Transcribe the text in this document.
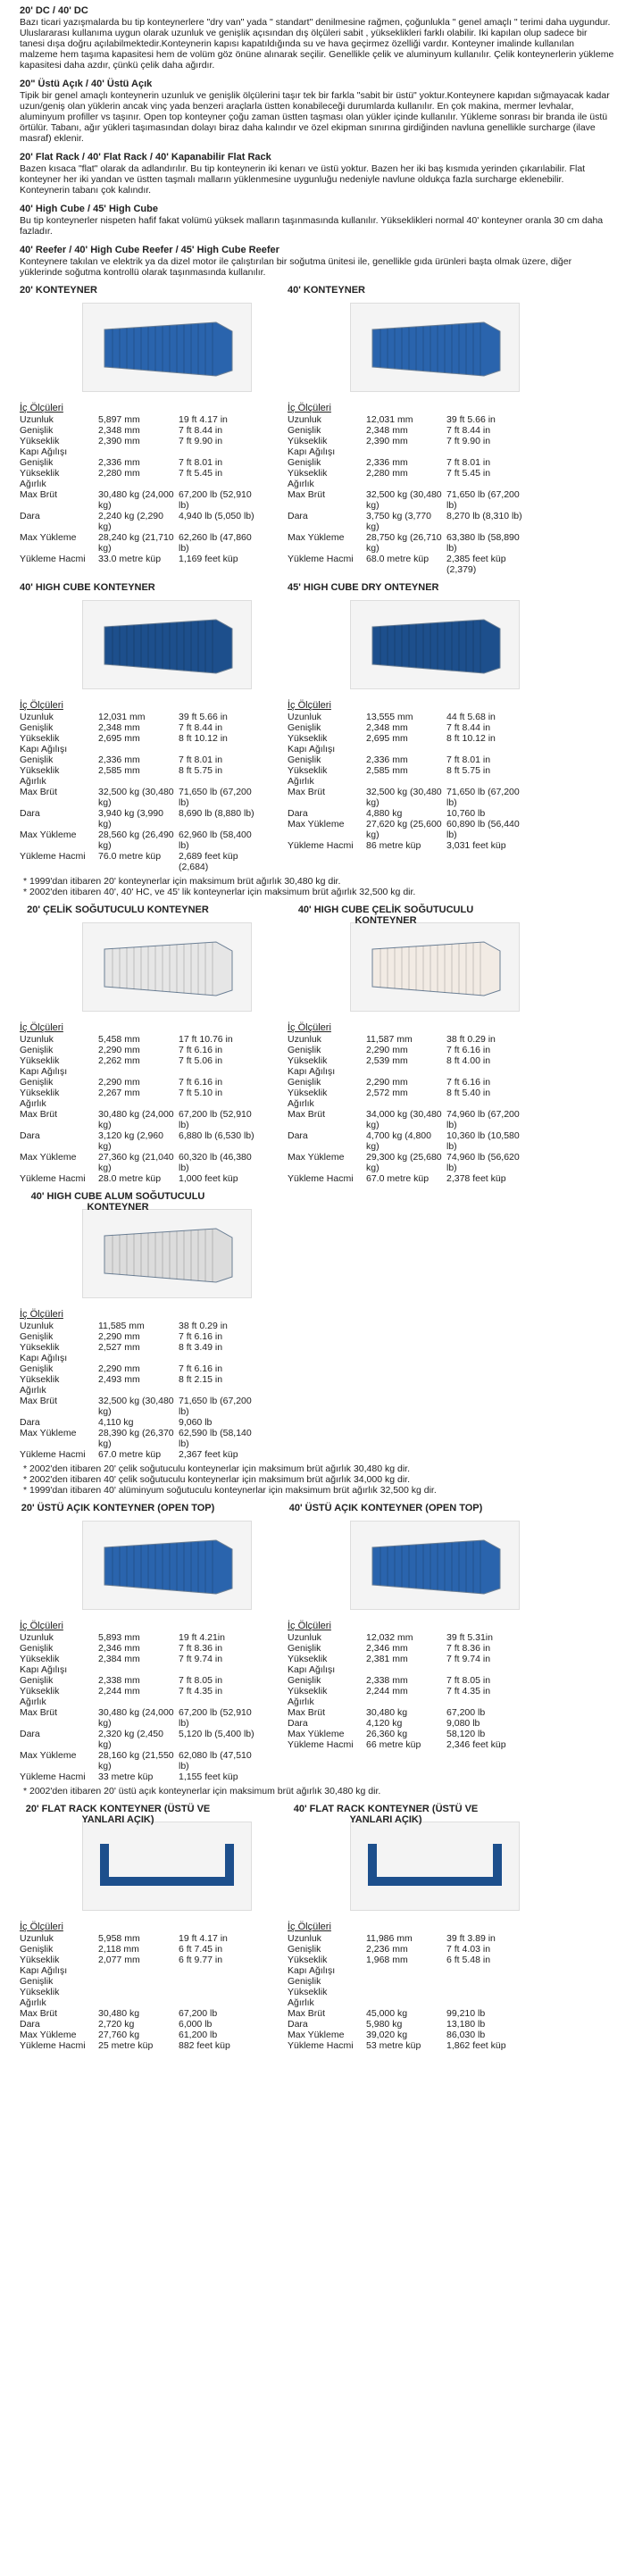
20' DC / 40' DC
Bazı ticari yazışmalarda bu tip konteynerlere "dry van" yada " standart" denilmesine rağmen, çoğunlukla " genel amaçlı " terimi daha uygundur. Uluslararası kullanıma uygun olarak uzunluk ve genişlik açısından dış ölçüleri sabit , yükseklikleri farklı olabilir. Iki kapılan olup sadece bir tanesi dışa doğru açılabilmektedir.Konteynerin kapısı kapatıldığında su ve hava geçirmez özelliği vardır. Konteyner imalinde kullanılan malzeme hem taşıma kapasitesi hem de volüm göz önüne alınarak seçilir. Genellikle çelik ve aluminyum kullanılır. Çelik konteynerlerin yükleme kapasitesi daha azdır, çünkü çelik daha ağırdır.
20" Üstü Açık / 40' Üstü Açık
Tipik bir genel amaçlı konteynerin uzunluk ve genişlik ölçülerini taşır tek bir farkla "sabit bir üstü" yoktur.Konteynere kapıdan sığmayacak kadar uzun/geniş olan yüklerin ancak vinç yada benzeri araçlarla üstten konabileceği durumlarda kullanılır. En çok makina, mermer levhalar, aluminyum profiller vs taşınır. Open top konteyner çoğu zaman üstten taşması olan yükler içinde kullanılır. Yükleme sonrası bir branda ile üstü örtülür. Tabanı, ağır yükleri taşımasından dolayı biraz daha kalındır ve özel ekipman sınırına girdiğinden navluna genellikle surcharge (ilave masraf) eklenir.
20' Flat Rack / 40' Flat Rack / 40' Kapanabilir Flat Rack
Bazen kısaca "flat" olarak da adlandırılır. Bu tip konteynerin iki kenarı ve üstü yoktur. Bazen her iki baş kısmıda yerinden çıkarılabilir. Flat konteyner her iki yandan ve üstten taşmalı malların yüklenmesine uygunluğu nedeniyle navlune oldukça fazla surcharge eklenebilir. Konteynerin tabanı çok kalındır.
40' High Cube / 45' High Cube
Bu tip konteynerler nispeten hafif fakat volümü yüksek malların taşınmasında kullanılır. Yükseklikleri normal 40' konteyner oranla 30 cm daha fazladır.
40' Reefer / 40' High Cube Reefer / 45' High Cube Reefer
Konteynere takılan ve elektrik ya da dizel motor ile çalıştırılan bir soğutma ünitesi ile, genellikle gıda ürünleri başta olmak üzere, diğer yüklerinde soğutma kontrollü olarak taşınmasında kullanılır.
20' KONTEYNER
İç Ölçüleri
Uzunluk	5,897 mm	19 ft 4.17 in
Genişlik	2,348 mm	7 ft 8.44 in
Yükseklik	2,390 mm	7 ft 9.90 in
Kapı Ağılışı		
Genişlik	2,336 mm	7 ft 8.01 in
Yükseklik	2,280 mm	7 ft 5.45 in
Ağırlık		
Max Brüt	30,480 kg (24,000 kg)	67,200 lb (52,910 lb)
Dara	2,240 kg (2,290 kg)	4,940 lb (5,050 lb)
Max Yükleme	28,240 kg (21,710 kg)	62,260 lb (47,860 lb)
Yükleme Hacmi	33.0 metre küp	1,169 feet küp
40' KONTEYNER
İç Ölçüleri
Uzunluk	12,031 mm	39 ft 5.66 in
Genişlik	2,348 mm	7 ft 8.44 in
Yükseklik	2,390 mm	7 ft 9.90 in
Kapı Ağılışı		
Genişlik	2,336 mm	7 ft 8.01 in
Yükseklik	2,280 mm	7 ft 5.45 in
Ağırlık		
Max Brüt	32,500 kg (30,480 kg)	71,650 lb (67,200 lb)
Dara	3,750 kg (3,770 kg)	8,270 lb (8,310 lb)
Max Yükleme	28,750 kg (26,710 kg)	63,380 lb (58,890 lb)
Yükleme Hacmi	68.0 metre küp	2,385 feet küp (2,379)
40' HIGH CUBE KONTEYNER
İç Ölçüleri
Uzunluk	12,031 mm	39 ft 5.66 in
Genişlik	2,348 mm	7 ft 8.44 in
Yükseklik	2,695 mm	8 ft 10.12 in
Kapı Ağılışı		
Genişlik	2,336 mm	7 ft 8.01 in
Yükseklik	2,585 mm	8 ft 5.75 in
Ağırlık		
Max Brüt	32,500 kg (30,480 kg)	71,650 lb (67,200 lb)
Dara	3,940 kg (3,990 kg)	8,690 lb (8,880 lb)
Max Yükleme	28,560 kg (26,490 kg)	62,960 lb (58,400 lb)
Yükleme Hacmi	76.0 metre küp	2,689 feet küp (2,684)
45' HIGH CUBE DRY ONTEYNER
İç Ölçüleri
Uzunluk	13,555 mm	44 ft 5.68 in
Genişlik	2,348 mm	7 ft 8.44 in
Yükseklik	2,695 mm	8 ft 10.12 in
Kapı Ağılışı		
Genişlik	2,336 mm	7 ft 8.01 in
Yükseklik	2,585 mm	8 ft 5.75 in
Ağırlık		
Max Brüt	32,500 kg (30,480 kg)	71,650 lb (67,200 lb)
Dara	4,880 kg	10,760 lb
Max Yükleme	27,620 kg (25,600 kg)	60,890 lb (56,440 lb)
Yükleme Hacmi	86 metre küp	3,031 feet küp
* 1999'dan itibaren 20' konteynerlar için maksimum brüt ağırlık 30,480 kg dir.
* 2002'den itibaren 40', 40' HC, ve 45' lik konteynerlar için maksimum brüt ağırlık 32,500 kg dir.
20' ÇELİK SOĞUTUCULU KONTEYNER
İç Ölçüleri
Uzunluk	5,458 mm	17 ft 10.76 in
Genişlik	2,290 mm	7 ft 6.16 in
Yükseklik	2,262 mm	7 ft 5.06 in
Kapı Ağılışı		
Genişlik	2,290 mm	7 ft 6.16 in
Yükseklik	2,267 mm	7 ft 5.10 in
Ağırlık		
Max Brüt	30,480 kg (24,000 kg)	67,200 lb (52,910 lb)
Dara	3,120 kg (2,960 kg)	6,880 lb (6,530 lb)
Max Yükleme	27,360 kg (21,040 kg)	60,320 lb (46,380 lb)
Yükleme Hacmi	28.0 metre küp	1,000 feet küp
40' HIGH CUBE ÇELİK SOĞUTUCULU KONTEYNER
İç Ölçüleri
Uzunluk	11,587 mm	38 ft 0.29 in
Genişlik	2,290 mm	7 ft 6.16 in
Yükseklik	2,539 mm	8 ft 4.00 in
Kapı Ağılışı		
Genişlik	2,290 mm	7 ft 6.16 in
Yükseklik	2,572 mm	8 ft 5.40 in
Ağırlık		
Max Brüt	34,000 kg (30,480 kg)	74,960 lb (67,200 lb)
Dara	4,700 kg (4,800 kg)	10,360 lb (10,580 lb)
Max Yükleme	29,300 kg (25,680 kg)	74,960 lb (56,620 lb)
Yükleme Hacmi	67.0 metre küp	2,378 feet küp
40' HIGH CUBE ALUM SOĞUTUCULU KONTEYNER
İç Ölçüleri
Uzunluk	11,585 mm	38 ft 0.29 in
Genişlik	2,290 mm	7 ft 6.16 in
Yükseklik	2,527 mm	8 ft 3.49 in
Kapı Ağılışı		
Genişlik	2,290 mm	7 ft 6.16 in
Yükseklik	2,493 mm	8 ft 2.15 in
Ağırlık		
Max Brüt	32,500 kg (30,480 kg)	71,650 lb (67,200 lb)
Dara	4,110 kg	9,060 lb
Max Yükleme	28,390 kg (26,370 kg)	62,590 lb (58,140 lb)
Yükleme Hacmi	67.0 metre küp	2,367 feet küp
* 2002'den itibaren 20' çelik soğutuculu konteynerlar için maksimum brüt ağırlık 30,480 kg dir.
* 2002'den itibaren 40' çelik soğutuculu konteynerlar için maksimum brüt ağırlık 34,000 kg dir.
* 1999'dan itibaren 40' alüminyum soğutuculu konteynerlar için maksimum brüt ağırlık 32,500 kg dir.
20' ÜSTÜ AÇIK KONTEYNER (OPEN TOP)
İç Ölçüleri
Uzunluk	5,893 mm	19 ft 4.21in
Genişlik	2,346 mm	7 ft 8.36 in
Yükseklik	2,384 mm	7 ft 9.74 in
Kapı Ağılışı		
Genişlik	2,338 mm	7 ft 8.05 in
Yükseklik	2,244 mm	7 ft 4.35 in
Ağırlık		
Max Brüt	30,480 kg (24,000 kg)	67,200 lb (52,910 lb)
Dara	2,320 kg (2,450 kg)	5,120 lb (5,400 lb)
Max Yükleme	28,160 kg (21,550 kg)	62,080 lb (47,510 lb)
Yükleme Hacmi	33 metre küp	1,155 feet küp
40' ÜSTÜ AÇIK KONTEYNER (OPEN TOP)
İç Ölçüleri
Uzunluk	12,032 mm	39 ft 5.31in
Genişlik	2,346 mm	7 ft 8.36 in
Yükseklik	2,381 mm	7 ft 9.74 in
Kapı Ağılışı		
Genişlik	2,338 mm	7 ft 8.05 in
Yükseklik	2,244 mm	7 ft 4.35 in
Ağırlık		
Max Brüt	30,480 kg	67,200 lb
Dara	4,120 kg	9,080 lb
Max Yükleme	26,360 kg	58,120 lb
Yükleme Hacmi	66 metre küp	2,346 feet küp
* 2002'den itibaren 20' üstü açık konteynerlar için maksimum brüt ağırlık 30,480 kg dir.
20' FLAT RACK KONTEYNER (ÜSTÜ VE YANLARI AÇIK)
İç Ölçüleri
Uzunluk	5,958 mm	19 ft 4.17 in
Genişlik	2,118 mm	6 ft 7.45 in
Yükseklik	2,077 mm	6 ft 9.77 in
Kapı Ağılışı		
Genişlik		
Yükseklik		
Ağırlık		
Max Brüt	30,480 kg	67,200 lb
Dara	2,720 kg	6,000 lb
Max Yükleme	27,760 kg	61,200 lb
Yükleme Hacmi	25 metre küp	882 feet küp
40' FLAT RACK KONTEYNER (ÜSTÜ VE YANLARI AÇIK)
İç Ölçüleri
Uzunluk	11,986 mm	39 ft 3.89 in
Genişlik	2,236 mm	7 ft 4.03 in
Yükseklik	1,968 mm	6 ft 5.48 in
Kapı Ağılışı		
Genişlik		
Yükseklik		
Ağırlık		
Max Brüt	45,000 kg	99,210 lb
Dara	5,980 kg	13,180 lb
Max Yükleme	39,020 kg	86,030 lb
Yükleme Hacmi	53 metre küp	1,862 feet küp
